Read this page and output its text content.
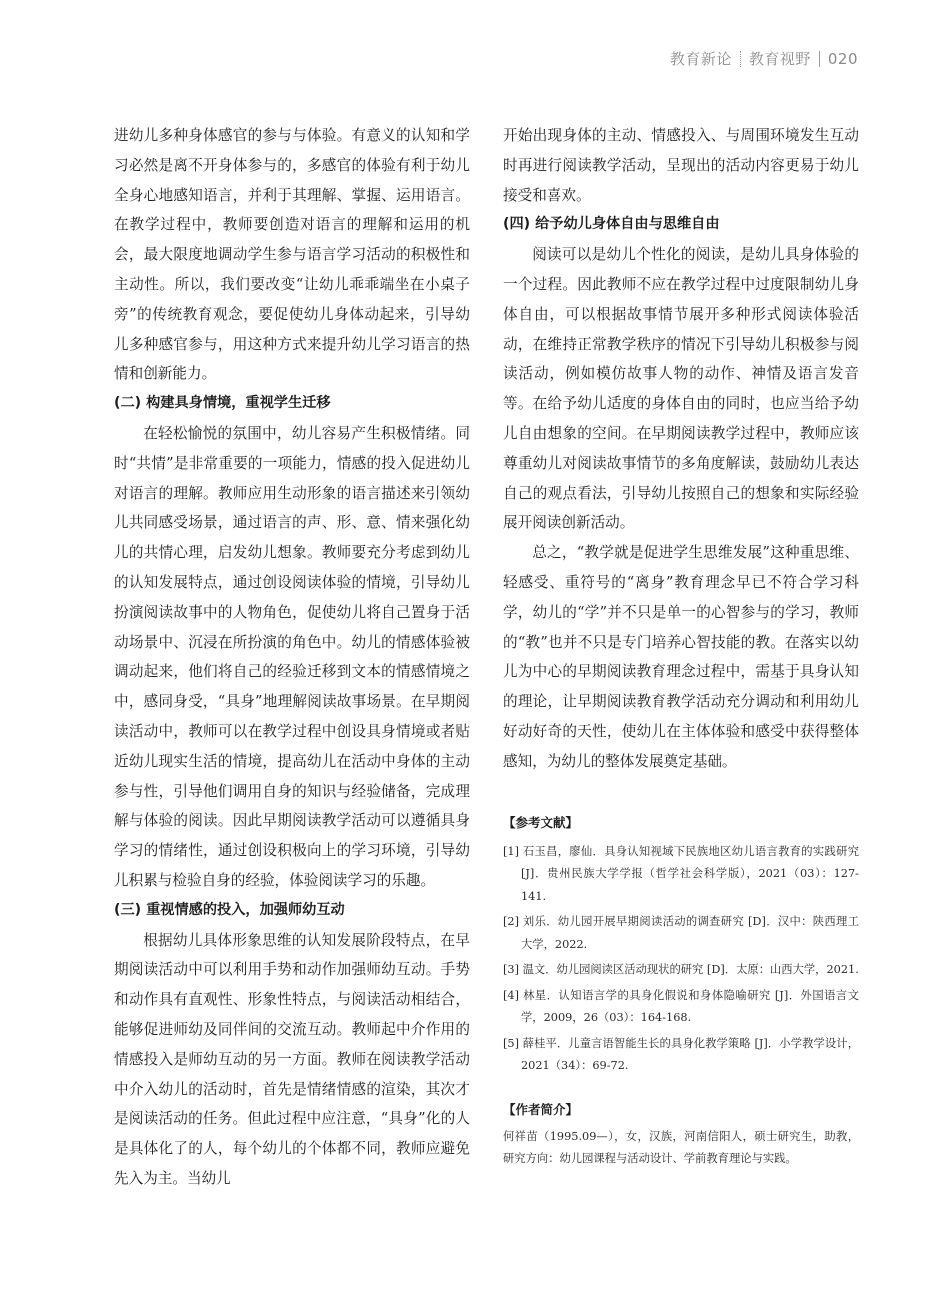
教育新论 教育视野 020

进幼儿多种身体感官的参与与体验。有意义的认知和学习必然是离不开身体参与的，多感官的体验有利于幼儿全身心地感知语言，并利于其理解、掌握、运用语言。在教学过程中，教师要创造对语言的理解和运用的机会，最大限度地调动学生参与语言学习活动的积极性和主动性。所以，我们要改变“让幼儿乖乖端坐在小桌子旁”的传统教育观念，要促使幼儿身体动起来，引导幼儿多种感官参与，用这种方式来提升幼儿学习语言的热情和创新能力。

(二) 构建具身情境，重视学生迁移

在轻松愉悦的氛围中，幼儿容易产生积极情绪。同时“共情”是非常重要的一项能力，情感的投入促进幼儿对语言的理解。教师应用生动形象的语言描述来引领幼儿共同感受场景，通过语言的声、形、意、情来强化幼儿的共情心理，启发幼儿想象。教师要充分考虑到幼儿的认知发展特点，通过创设阅读体验的情境，引导幼儿扮演阅读故事中的人物角色，促使幼儿将自己置身于活动场景中、沉浸在所扮演的角色中。幼儿的情感体验被调动起来，他们将自己的经验迁移到文本的情感情境之中，感同身受，“具身”地理解阅读故事场景。在早期阅读活动中，教师可以在教学过程中创设具身情境或者贴近幼儿现实生活的情境，提高幼儿在活动中身体的主动参与性，引导他们调用自身的知识与经验储备，完成理解与体验的阅读。因此早期阅读教学活动可以遵循具身学习的情绪性，通过创设积极向上的学习环境，引导幼儿积累与检验自身的经验，体验阅读学习的乐趣。

(三) 重视情感的投入，加强师幼互动

根据幼儿具体形象思维的认知发展阶段特点，在早期阅读活动中可以利用手势和动作加强师幼互动。手势和动作具有直观性、形象性特点，与阅读活动相结合，能够促进师幼及同伴间的交流互动。教师起中介作用的情感投入是师幼互动的另一方面。教师在阅读教学活动中介入幼儿的活动时，首先是情绪情感的渲染，其次才是阅读活动的任务。但此过程中应注意，“具身”化的人是具体化了的人，每个幼儿的个体都不同，教师应避免先入为主。当幼儿

开始出现身体的主动、情感投入、与周围环境发生互动时再进行阅读教学活动，呈现出的活动内容更易于幼儿接受和喜欢。

(四) 给予幼儿身体自由与思维自由

阅读可以是幼儿个性化的阅读，是幼儿具身体验的一个过程。因此教师不应在教学过程中过度限制幼儿身体自由，可以根据故事情节展开多种形式阅读体验活动，在维持正常教学秩序的情况下引导幼儿积极参与阅读活动，例如模仿故事人物的动作、神情及语言发音等。在给予幼儿适度的身体自由的同时，也应当给予幼儿自由想象的空间。在早期阅读教学过程中，教师应该尊重幼儿对阅读故事情节的多角度解读，鼓励幼儿表达自己的观点看法，引导幼儿按照自己的想象和实际经验展开阅读创新活动。

总之，“教学就是促进学生思维发展”这种重思维、轻感受、重符号的“离身”教育理念早已不符合学习科学，幼儿的“学”并不只是单一的心智参与的学习，教师的“教”也并不只是专门培养心智技能的教。在落实以幼儿为中心的早期阅读教育理念过程中，需基于具身认知的理论，让早期阅读教育教学活动充分调动和利用幼儿好动好奇的天性，使幼儿在主体体验和感受中获得整体感知，为幼儿的整体发展奠定基础。

【参考文献】

[1] 石玉昌，廖仙．具身认知视域下民族地区幼儿语言教育的实践研究 [J]．贵州民族大学学报（哲学社会科学版），2021（03）：127-141.
[2] 刘乐．幼儿园开展早期阅读活动的调查研究 [D]．汉中：陕西理工大学，2022.
[3] 温文．幼儿园阅读区活动现状的研究 [D]．太原：山西大学，2021.
[4] 林星．认知语言学的具身化假说和身体隐喻研究 [J]．外国语言文学，2009，26（03）：164-168.
[5] 薛桂平．儿童言语智能生长的具身化教学策略 [J]．小学教学设计，2021（34）：69-72.

【作者简介】

何祥苗（1995.09—），女，汉族，河南信阳人，硕士研究生，助教，研究方向：幼儿园课程与活动设计、学前教育理论与实践。
